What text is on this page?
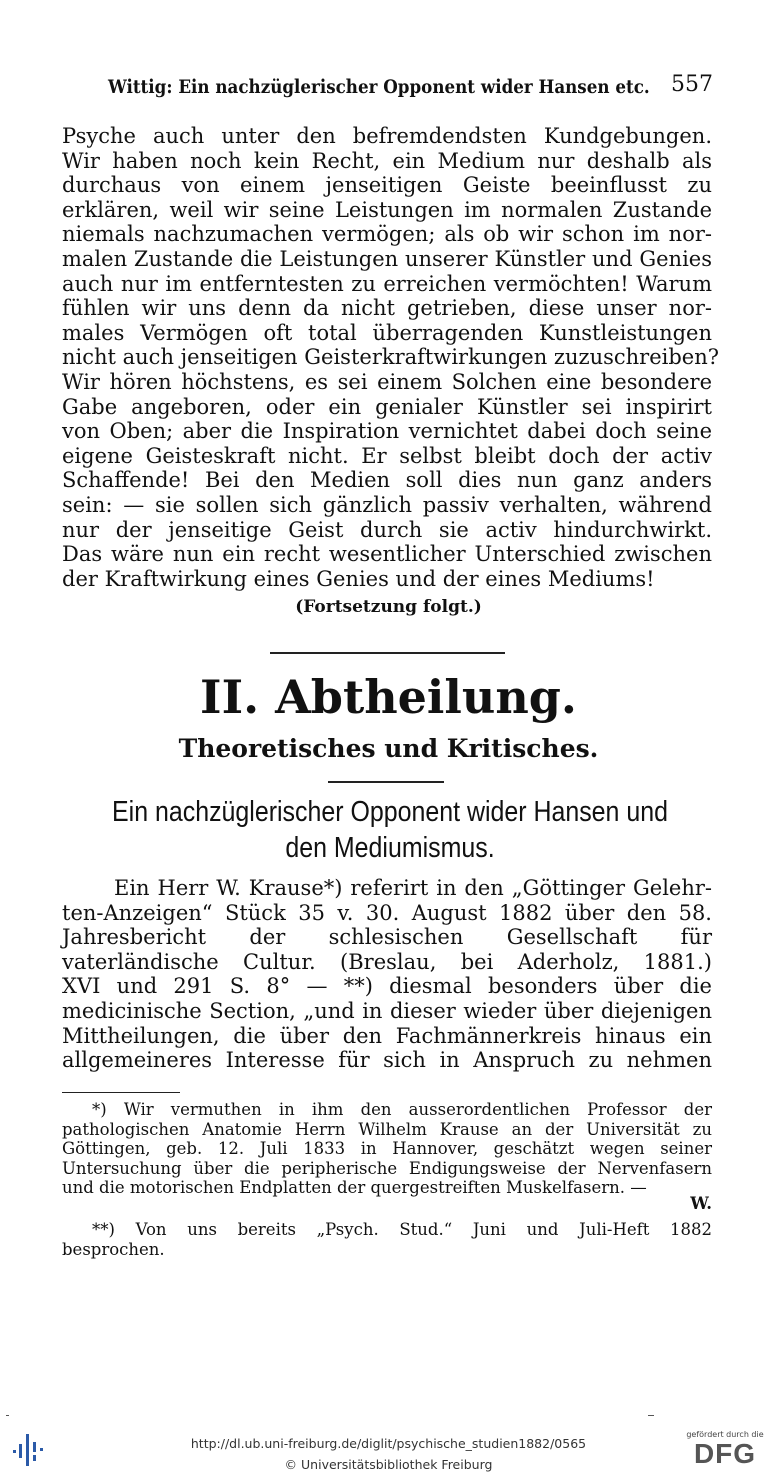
Wittig: Ein nachzüglerischer Opponent wider Hansen etc. 557
Psyche auch unter den befremdendsten Kundgebungen.
Wir haben noch kein Recht, ein Medium nur deshalb als
durchaus von einem jenseitigen Geiste beeinflusst zu
erklären, weil wir seine Leistungen im normalen Zustande
niemals nachzumachen vermögen; als ob wir schon im nor-
malen Zustande die Leistungen unserer Künstler und Genies
auch nur im entferntesten zu erreichen vermöchten! Warum
fühlen wir uns denn da nicht getrieben, diese unser nor-
males Vermögen oft total überragenden Kunstleistungen
nicht auch jenseitigen Geisterkraftwirkungen zuzuschreiben?
Wir hören höchstens, es sei einem Solchen eine besondere
Gabe angeboren, oder ein genialer Künstler sei inspirirt
von Oben; aber die Inspiration vernichtet dabei doch seine
eigene Geisteskraft nicht. Er selbst bleibt doch der activ
Schaffende! Bei den Medien soll dies nun ganz anders
sein: — sie sollen sich gänzlich passiv verhalten, während
nur der jenseitige Geist durch sie activ hindurchwirkt.
Das wäre nun ein recht wesentlicher Unterschied zwischen
der Kraftwirkung eines Genies und der eines Mediums!
(Fortsetzung folgt.)
II. Abtheilung.
Theoretisches und Kritisches.
Ein nachzüglerischer Opponent wider Hansen und
den Mediumismus.
Ein Herr W. Krause*) referirt in den „Göttinger Gelehr-
ten-Anzeigen“ Stück 35 v. 30. August 1882 über den 58.
Jahresbericht der schlesischen Gesellschaft für
vaterländische Cultur. (Breslau, bei Aderholz, 1881.)
XVI und 291 S. 8° — **) diesmal besonders über die
medicinische Section, „und in dieser wieder über diejenigen
Mittheilungen, die über den Fachmännerkreis hinaus ein
allgemeineres Interesse für sich in Anspruch zu nehmen
*) Wir vermuthen in ihm den ausserordentlichen Professor der
pathologischen Anatomie Herrn Wilhelm Krause an der Universität zu
Göttingen, geb. 12. Juli 1833 in Hannover, geschätzt wegen seiner
Untersuchung über die peripherische Endigungsweise der Nervenfasern
und die motorischen Endplatten der quergestreiften Muskelfasern. —
W.
**) Von uns bereits „Psych. Stud.“ Juni und Juli-Heft 1882
besprochen.
http://dl.ub.uni-freiburg.de/diglit/psychische_studien1882/0565
© Universitätsbibliothek Freiburg
gefördert durch die
DFG
